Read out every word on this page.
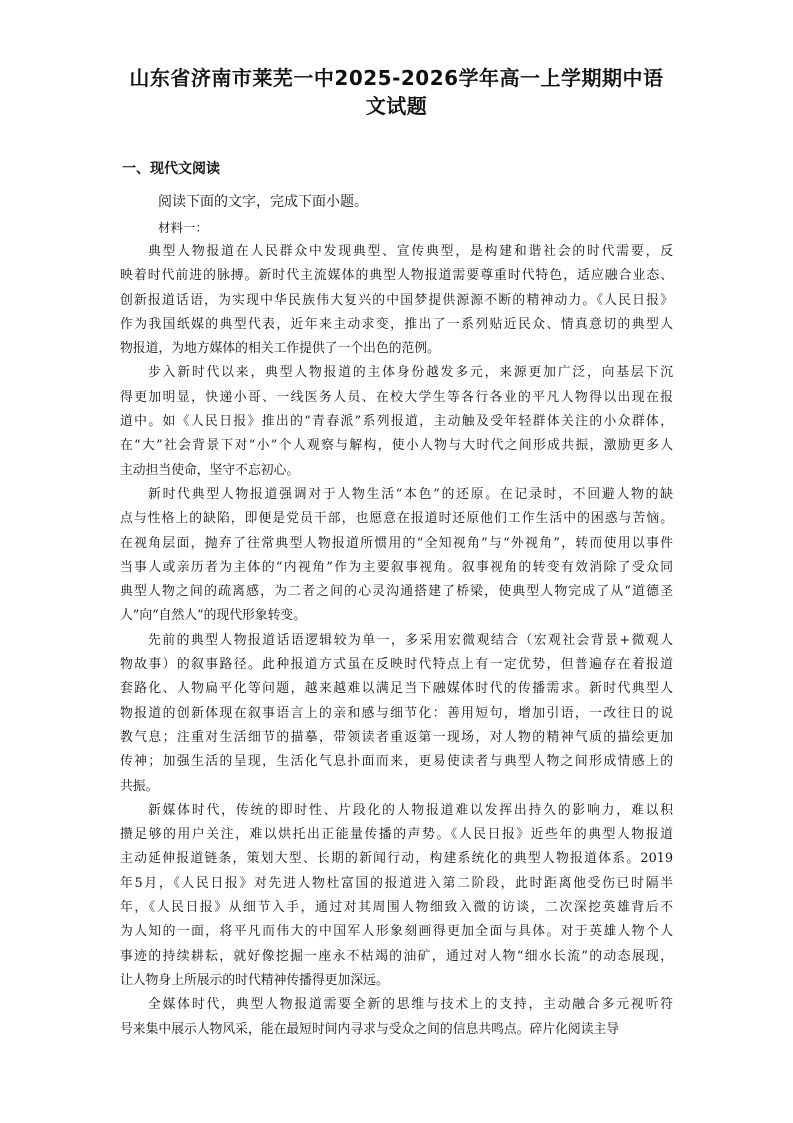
山东省济南市莱芜一中2025-2026学年高一上学期期中语
文试题
一、现代文阅读
阅读下面的文字，完成下面小题。
材料一：
典型人物报道在人民群众中发现典型、宣传典型，是构建和谐社会的时代需要，反
映着时代前进的脉搏。新时代主流媒体的典型人物报道需要尊重时代特色，适应融合业态、
创新报道话语，为实现中华民族伟大复兴的中国梦提供源源不断的精神动力。《人民日报》
作为我国纸媒的典型代表，近年来主动求变，推出了一系列贴近民众、情真意切的典型人
物报道，为地方媒体的相关工作提供了一个出色的范例。
步入新时代以来，典型人物报道的主体身份越发多元，来源更加广泛，向基层下沉
得更加明显，快递小哥、一线医务人员、在校大学生等各行各业的平凡人物得以出现在报
道中。如《人民日报》推出的“青春派”系列报道，主动触及受年轻群体关注的小众群体，
在“大”社会背景下对“小”个人观察与解构，使小人物与大时代之间形成共振，激励更多人
主动担当使命，坚守不忘初心。
新时代典型人物报道强调对于人物生活“本色”的还原。在记录时，不回避人物的缺
点与性格上的缺陷，即便是党员干部，也愿意在报道时还原他们工作生活中的困惑与苦恼。
在视角层面，抛弃了往常典型人物报道所惯用的“全知视角”与“外视角”，转而使用以事件
当事人或亲历者为主体的“内视角”作为主要叙事视角。叙事视角的转变有效消除了受众同
典型人物之间的疏离感，为二者之间的心灵沟通搭建了桥梁，使典型人物完成了从“道德圣
人”向“自然人”的现代形象转变。
先前的典型人物报道话语逻辑较为单一，多采用宏微观结合（宏观社会背景+微观人
物故事）的叙事路径。此种报道方式虽在反映时代特点上有一定优势，但普遍存在着报道
套路化、人物扁平化等问题，越来越难以满足当下融媒体时代的传播需求。新时代典型人
物报道的创新体现在叙事语言上的亲和感与细节化：善用短句，增加引语，一改往日的说
教气息；注重对生活细节的描摹，带领读者重返第一现场，对人物的精神气质的描绘更加
传神；加强生活的呈现，生活化气息扑面而来，更易使读者与典型人物之间形成情感上的
共振。
新媒体时代，传统的即时性、片段化的人物报道难以发挥出持久的影响力，难以积
攒足够的用户关注，难以烘托出正能量传播的声势。《人民日报》近些年的典型人物报道
主动延伸报道链条，策划大型、长期的新闻行动，构建系统化的典型人物报道体系。2019
年5月，《人民日报》对先进人物杜富国的报道进入第二阶段，此时距离他受伤已时隔半
年，《人民日报》从细节入手，通过对其周围人物细致入微的访谈，二次深挖英雄背后不
为人知的一面，将平凡而伟大的中国军人形象刻画得更加全面与具体。对于英雄人物个人
事迹的持续耕耘，就好像挖掘一座永不枯竭的油矿，通过对人物“细水长流”的动态展现，
让人物身上所展示的时代精神传播得更加深远。
全媒体时代，典型人物报道需要全新的思维与技术上的支持，主动融合多元视听符
号来集中展示人物风采，能在最短时间内寻求与受众之间的信息共鸣点。碎片化阅读主导
